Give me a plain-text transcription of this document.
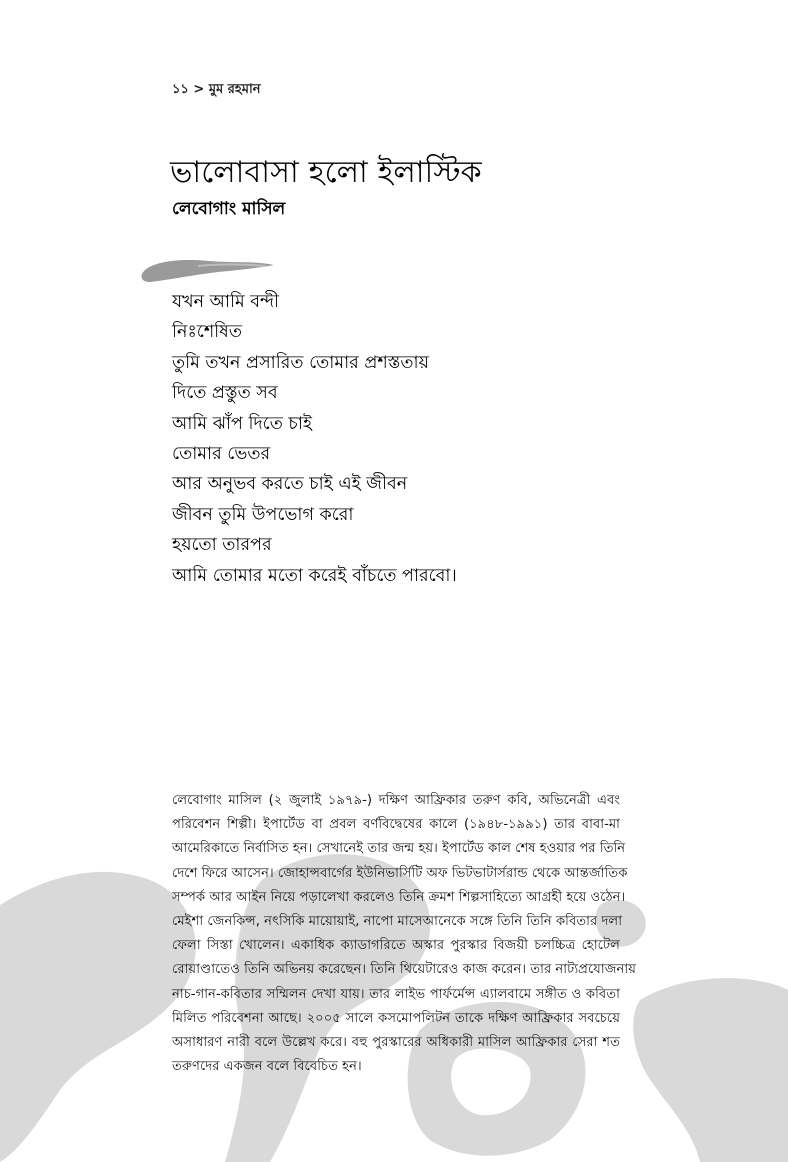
১১ > মুম রহমান
ভালোবাসা হলো ইলাস্টিক
লেবোগাং মাসিল
যখন আমি বন্দী
নিঃশেষিত
তুমি তখন প্রসারিত তোমার প্রশস্ততায়
দিতে প্রস্তুত সব
আমি ঝাঁপ দিতে চাই
তোমার ভেতর
আর অনুভব করতে চাই এই জীবন
জীবন তুমি উপভোগ করো
হয়তো তারপর
আমি তোমার মতো করেই বাঁচতে পারবো।
লেবোগাং মাসিল (২ জুলাই ১৯৭৯-) দক্ষিণ আফ্রিকার তরুণ কবি, অভিনেত্রী এবং
পরিবেশন শিল্পী। ইপার্টেড বা প্রবল বর্ণবিদ্বেষের কালে (১৯৪৮-১৯৯১) তার বাবা-মা
আমেরিকাতে নির্বাসিত হন। সেখানেই তার জন্ম হয়। ইপার্টেড কাল শেষ হওয়ার পর তিনি
দেশে ফিরে আসেন। জোহান্সবার্গের ইউনিভার্সিটি অফ ভিটভাটার্সরান্ড থেকে আন্তর্জাতিক
সম্পর্ক আর আইন নিয়ে পড়ালেখা করলেও তিনি ক্রমশ শিল্পসাহিত্যে আগ্রহী হয়ে ওঠেন।
মেইশা জেনকিন্স, নৎসিকি মায়োয়াই, নাপো মাসেআনেকে সঙ্গে তিনি তিনি কবিতার দলা
ফেলা সিস্তা খোলেন। একাধিক ক্যাডাগরিতে অস্কার পুরস্কার বিজয়ী চলচ্চিত্র হোটেল
রোয়াণ্ডাতেও তিনি অভিনয় করেছেন। তিনি থিয়েটারেও কাজ করেন। তার নাট্যপ্রযোজনায়
নাচ-গান-কবিতার সম্মিলন দেখা যায়। তার লাইভ পার্ফর্মেন্স এ্যালবামে সঙ্গীত ও কবিতা
মিলিত পরিবেশনা আছে। ২০০৫ সালে কসমোপলিটন তাকে দক্ষিণ আফ্রিকার সবচেয়ে
অসাধারণ নারী বলে উল্লেখ করে। বহু পুরস্কারের অধিকারী মাসিল আফ্রিকার সেরা শত
তরুণদের একজন বলে বিবেচিত হন।
